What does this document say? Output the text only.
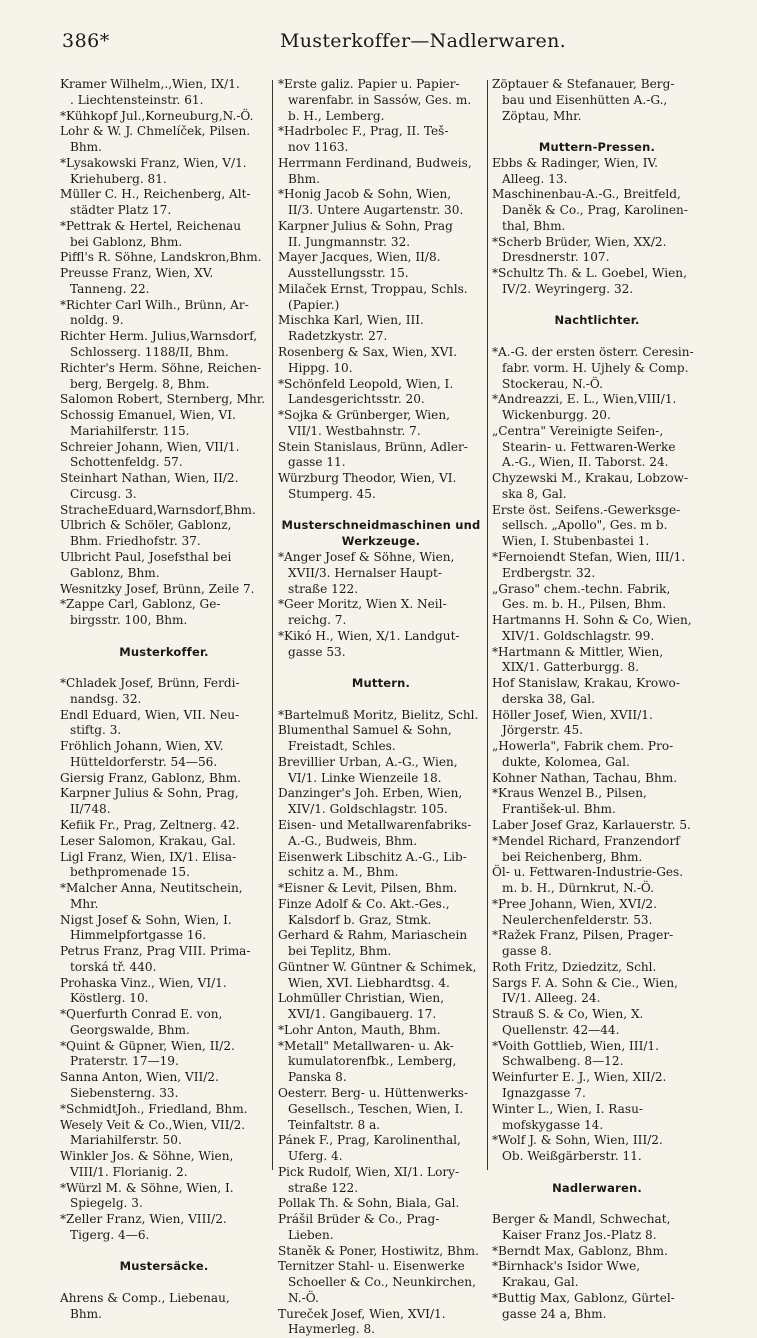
386*	Musterkoffer—Nadlerwaren.
Kramer Wilhelm,.,Wien, IX/1.
. Liechtensteinstr. 61.
*Kühkopf Jul.,Korneuburg,N.-Ö.
Lohr & W. J. Chmelíček, Pilsen.
Bhm.
*Lysakowski Franz, Wien, V/1.
Kriehuberg. 81.
Müller C. H., Reichenberg, Alt-
städter Platz 17.
*Pettrak & Hertel, Reichenau
bei Gablonz, Bhm.
Piffl's R. Söhne, Landskron,Bhm.
Preusse Franz, Wien, XV.
Tanneng. 22.
*Richter Carl Wilh., Brünn, Ar-
noldg. 9.
Richter Herm. Julius,Warnsdorf,
Schlosserg. 1188/II, Bhm.
Richter's Herm. Söhne, Reichen-
berg, Bergelg. 8, Bhm.
Salomon Robert, Sternberg, Mhr.
Schossig Emanuel, Wien, VI.
Mariahilferstr. 115.
Schreier Johann, Wien, VII/1.
Schottenfeldg. 57.
Steinhart Nathan, Wien, II/2.
Circusg. 3.
StracheEduard,Warnsdorf,Bhm.
Ulbrich & Schöler, Gablonz,
Bhm. Friedhofstr. 37.
Ulbricht Paul, Josefsthal bei
Gablonz, Bhm.
Wesnitzky Josef, Brünn, Zeile 7.
*Zappe Carl, Gablonz, Ge-
birgsstr. 100, Bhm.
Musterkoffer.
*Chladek Josef, Brünn, Ferdi-
nandsg. 32.
Endl Eduard, Wien, VII. Neu-
stiftg. 3.
Fröhlich Johann, Wien, XV.
Hütteldorferstr. 54—56.
Giersig Franz, Gablonz, Bhm.
Karpner Julius & Sohn, Prag,
II/748.
Kefiik Fr., Prag, Zeltnerg. 42.
Leser Salomon, Krakau, Gal.
Ligl Franz, Wien, IX/1. Elisa-
bethpromenade 15.
*Malcher Anna, Neutitschein,
Mhr.
Nigst Josef & Sohn, Wien, I.
Himmelpfortgasse 16.
Petrus Franz, Prag VIII. Prima-
torská tř. 440.
Prohaska Vinz., Wien, VI/1.
Köstlerg. 10.
*Querfurth Conrad E. von,
Georgswalde, Bhm.
*Quint & Güpner, Wien, II/2.
Praterstr. 17—19.
Sanna Anton, Wien, VII/2.
Siebensterng. 33.
*SchmidtJoh., Friedland, Bhm.
Wesely Veit & Co.,Wien, VII/2.
Mariahilferstr. 50.
Winkler Jos. & Söhne, Wien,
VIII/1. Florianig. 2.
*Würzl M. & Söhne, Wien, I.
Spiegelg. 3.
*Zeller Franz, Wien, VIII/2.
Tigerg. 4—6.
Mustersäcke.
Ahrens & Comp., Liebenau,
Bhm.
*Erste galiz. Papier u. Papier-
warenfabr. in Sassów, Ges. m.
b. H., Lemberg.
*Hadrbolec F., Prag, II. Teš-
nov 1163.
Herrmann Ferdinand, Budweis,
Bhm.
*Honig Jacob & Sohn, Wien,
II/3. Untere Augartenstr. 30.
Karpner Julius & Sohn, Prag
II. Jungmannstr. 32.
Mayer Jacques, Wien, II/8.
Ausstellungsstr. 15.
Milaček Ernst, Troppau, Schls.
(Papier.)
Mischka Karl, Wien, III.
Radetzkystr. 27.
Rosenberg & Sax, Wien, XVI.
Hippg. 10.
*Schönfeld Leopold, Wien, I.
Landesgerichtsstr. 20.
*Sojka & Grünberger, Wien,
VII/1. Westbahnstr. 7.
Stein Stanislaus, Brünn, Adler-
gasse 11.
Würzburg Theodor, Wien, VI.
Stumperg. 45.
Musterschneidmaschinen und
Werkzeuge.
*Anger Josef & Söhne, Wien,
XVII/3. Hernalser Haupt-
straße 122.
*Geer Moritz, Wien X. Neil-
reichg. 7.
*Kikó H., Wien, X/1. Landgut-
gasse 53.
Muttern.
*Bartelmuß Moritz, Bielitz, Schl.
Blumenthal Samuel & Sohn,
Freistadt, Schles.
Brevillier Urban, A.-G., Wien,
VI/1. Linke Wienzeile 18.
Danzinger's Joh. Erben, Wien,
XIV/1. Goldschlagstr. 105.
Eisen- und Metallwarenfabriks-
A.-G., Budweis, Bhm.
Eisenwerk Libschitz A.-G., Lib-
schitz a. M., Bhm.
*Eisner & Levit, Pilsen, Bhm.
Finze Adolf & Co. Akt.-Ges.,
Kalsdorf b. Graz, Stmk.
Gerhard & Rahm, Mariaschein
bei Teplitz, Bhm.
Güntner W. Güntner & Schimek,
Wien, XVI. Liebhardtsg. 4.
Lohmüller Christian, Wien,
XVI/1. Gangibauerg. 17.
*Lohr Anton, Mauth, Bhm.
*Metall" Metallwaren- u. Ak-
kumulatorenfbk., Lemberg,
Panska 8.
Oesterr. Berg- u. Hüttenwerks-
Gesellsch., Teschen, Wien, I.
Teinfaltstr. 8 a.
Pánek F., Prag, Karolinenthal,
Uferg. 4.
Pick Rudolf, Wien, XI/1. Lory-
straße 122.
Pollak Th. & Sohn, Biala, Gal.
Prášil Brüder & Co., Prag-
Lieben.
Staněk & Poner, Hostiwitz, Bhm.
Ternitzer Stahl- u. Eisenwerke
Schoeller & Co., Neunkirchen,
N.-Ö.
Tureček Josef, Wien, XVI/1.
Haymerleg. 8.
Zöptauer & Stefanauer, Berg-
bau und Eisenhütten A.-G.,
Zöptau, Mhr.
Muttern-Pressen.
Ebbs & Radinger, Wien, IV.
Alleeg. 13.
Maschinenbau-A.-G., Breitfeld,
Daněk & Co., Prag, Karolinen-
thal, Bhm.
*Scherb Brüder, Wien, XX/2.
Dresdnerstr. 107.
*Schultz Th. & L. Goebel, Wien,
IV/2. Weyringerg. 32.
Nachtlichter.
*A.-G. der ersten österr. Ceresin-
fabr. vorm. H. Ujhely & Comp.
Stockerau, N.-Ö.
*Andreazzi, E. L., Wien,VIII/1.
Wickenburgg. 20.
„Centra" Vereinigte Seifen-,
Stearin- u. Fettwaren-Werke
A.-G., Wien, II. Taborst. 24.
Chyzewski M., Krakau, Lobzow-
ska 8, Gal.
Erste öst. Seifens.-Gewerksge-
sellsch. „Apollo", Ges. m b.
Wien, I. Stubenbastei 1.
*Fernoiendt Stefan, Wien, III/1.
Erdbergstr. 32.
„Graso" chem.-techn. Fabrik,
Ges. m. b. H., Pilsen, Bhm.
Hartmanns H. Sohn & Co, Wien,
XIV/1. Goldschlagstr. 99.
*Hartmann & Mittler, Wien,
XIX/1. Gatterburgg. 8.
Hof Stanislaw, Krakau, Krowo-
derska 38, Gal.
Höller Josef, Wien, XVII/1.
Jörgerstr. 45.
„Howerla", Fabrik chem. Pro-
dukte, Kolomea, Gal.
Kohner Nathan, Tachau, Bhm.
*Kraus Wenzel B., Pilsen,
František-ul. Bhm.
Laber Josef Graz, Karlauerstr. 5.
*Mendel Richard, Franzendorf
bei Reichenberg, Bhm.
Öl- u. Fettwaren-Industrie-Ges.
m. b. H., Dürnkrut, N.-Ö.
*Pree Johann, Wien, XVI/2.
Neulerchenfelderstr. 53.
*Ražek Franz, Pilsen, Prager-
gasse 8.
Roth Fritz, Dziedzitz, Schl.
Sargs F. A. Sohn & Cie., Wien,
IV/1. Alleeg. 24.
Strauß S. & Co, Wien, X.
Quellenstr. 42—44.
*Voith Gottlieb, Wien, III/1.
Schwalbeng. 8—12.
Weinfurter E. J., Wien, XII/2.
Ignazgasse 7.
Winter L., Wien, I. Rasu-
mofskygasse 14.
*Wolf J. & Sohn, Wien, III/2.
Ob. Weißgärberstr. 11.
Nadlerwaren.
Berger & Mandl, Schwechat,
Kaiser Franz Jos.-Platz 8.
*Berndt Max, Gablonz, Bhm.
*Birnhack's Isidor Wwe,
Krakau, Gal.
*Buttig Max, Gablonz, Gürtel-
gasse 24 a, Bhm.
